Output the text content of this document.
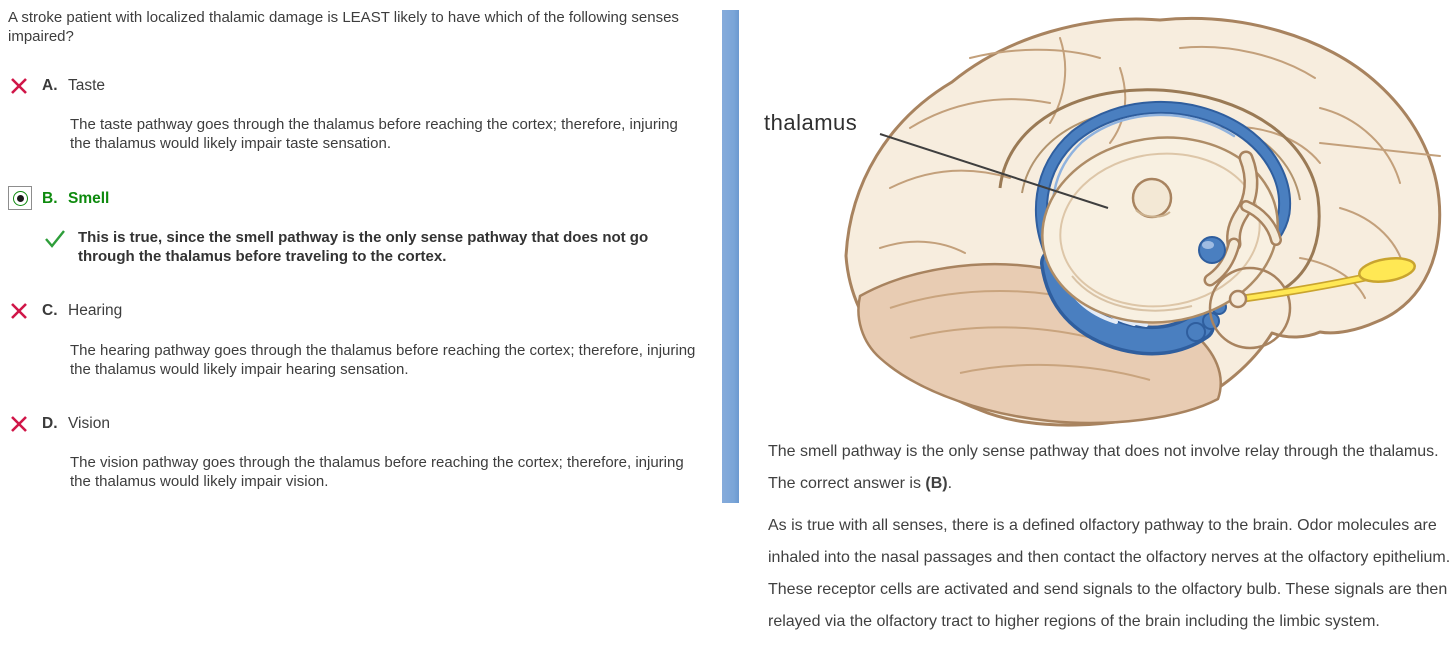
A stroke patient with localized thalamic damage is LEAST likely to have which of the following senses impaired?
A. Taste
The taste pathway goes through the thalamus before reaching the cortex; therefore, injuring the thalamus would likely impair taste sensation.
B. Smell
This is true, since the smell pathway is the only sense pathway that does not go through the thalamus before traveling to the cortex.
C. Hearing
The hearing pathway goes through the thalamus before reaching the cortex; therefore, injuring the thalamus would likely impair hearing sensation.
D. Vision
The vision pathway goes through the thalamus before reaching the cortex; therefore, injuring the thalamus would likely impair vision.
thalamus

The smell pathway is the only sense pathway that does not involve relay through the thalamus. The correct answer is (B).

As is true with all senses, there is a defined olfactory pathway to the brain. Odor molecules are inhaled into the nasal passages and then contact the olfactory nerves at the olfactory epithelium. These receptor cells are activated and send signals to the olfactory bulb. These signals are then relayed via the olfactory tract to higher regions of the brain including the limbic system.
